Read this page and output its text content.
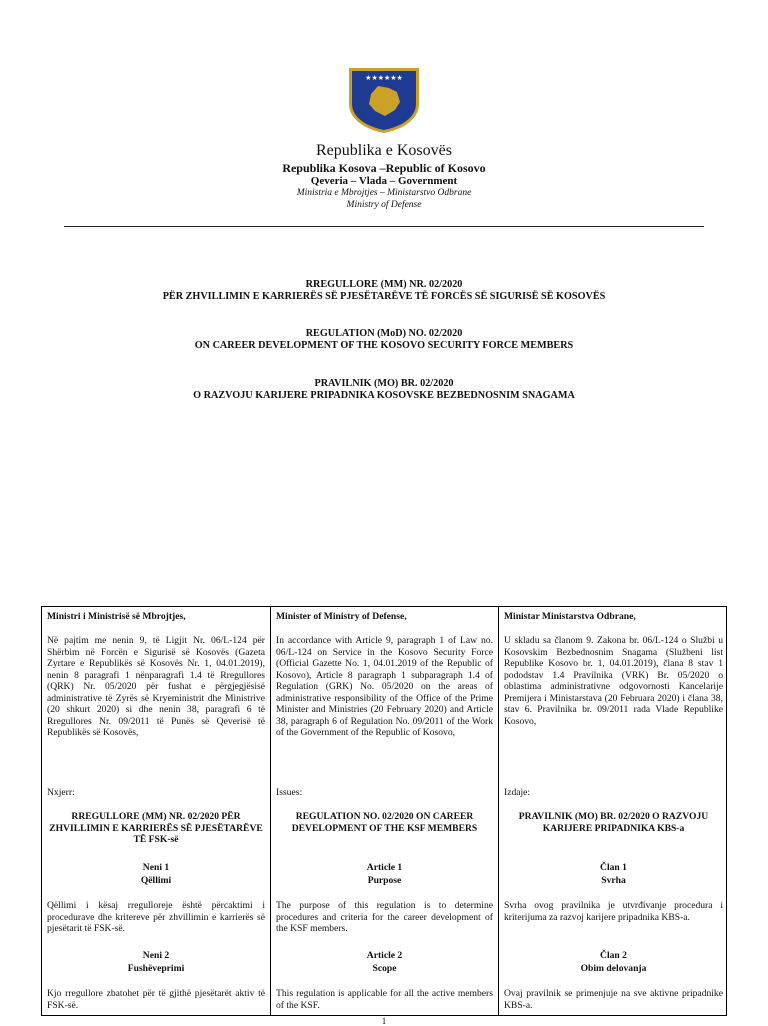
★★★★★★
Republika e Kosovës
Republika Kosova –Republic of Kosovo
Qeveria – Vlada – Government
Ministria e Mbrojtjes – Ministarstvo Odbrane
Ministry of Defense
RREGULLORE (MM) NR. 02/2020
PËR ZHVILLIMIN E KARRIERËS SË PJESËTARËVE TË FORCËS SË SIGURISË SË KOSOVËS
REGULATION (MoD) NO. 02/2020
ON CAREER DEVELOPMENT OF THE KOSOVO SECURITY FORCE MEMBERS
PRAVILNIK (MO) BR. 02/2020
O RAZVOJU KARIJERE PRIPADNIKA KOSOVSKE BEZBEDNOSNIM SNAGAMA
Ministri i Ministrisë së Mbrojtjes,
Në pajtim me nenin 9, të Ligjit Nr. 06/L-124 për Shërbim në Forcën e Sigurisë së Kosovës (Gazeta Zyrtare e Republikës së Kosovës Nr. 1, 04.01.2019), nenin 8 paragrafi 1 nënparagrafi 1.4 të Rregullores (QRK) Nr. 05/2020 për fushat e përgjegjësisë administrative të Zyrës së Kryeministrit dhe Ministrive (20 shkurt 2020) si dhe nenin 38, paragrafi 6 të Rregullores Nr. 09/2011 të Punës së Qeverisë të Republikës së Kosovës,
Nxjerr:
RREGULLORE (MM) NR. 02/2020 PËR ZHVILLIMIN E KARRIERËS SË PJESËTARËVE TË FSK-së
Neni 1
Qëllimi
Qëllimi i kësaj rregulloreje është përcaktimi i procedurave dhe kritereve për zhvillimin e karrierës së pjesëtarit të FSK-së.
Neni 2
Fushëveprimi
Kjo rregullore zbatohet për të gjithë pjesëtarët aktiv të FSK-së.
Minister of Ministry of Defense,
In accordance with Article 9, paragraph 1 of Law no. 06/L-124 on Service in the Kosovo Security Force (Official Gazette No. 1, 04.01.2019 of the Republic of Kosovo), Article 8 paragraph 1 subparagraph 1.4 of Regulation (GRK) No. 05/2020 on the areas of administrative responsibility of the Office of the Prime Minister and Ministries (20 February 2020) and Article 38, paragraph 6 of Regulation No. 09/2011 of the Work of the Government of the Republic of Kosovo,
Issues:
REGULATION NO. 02/2020 ON CAREER DEVELOPMENT OF THE KSF MEMBERS
Article 1
Purpose
The purpose of this regulation is to determine procedures and criteria for the career development of the KSF members.
Article 2
Scope
This regulation is applicable for all the active members of the KSF.
Ministar Ministarstva Odbrane,
U skladu sa članom 9. Zakona br. 06/L-124 o Službi u Kosovskim Bezbednosnim Snagama (Službeni list Republike Kosovo br. 1, 04.01.2019), člana 8 stav 1 pododstav 1.4 Pravilnika (VRK) Br. 05/2020 o oblastima administrativne odgovornosti Kancelarije Premijera i Ministarstava (20 Februara 2020) i člana 38, stav 6. Pravilnika br. 09/2011 rada Vlade Republike Kosovo,
Izdaje:
PRAVILNIK (MO) BR. 02/2020 O RAZVOJU KARIJERE PRIPADNIKA KBS-a
Član 1
Svrha
Svrha ovog pravilnika je utvrđivanje procedura i kriterijuma za razvoj karijere pripadnika KBS-a.
Član 2
Obim delovanja
Ovaj pravilnik se primenjuje na sve aktivne pripadnike KBS-a.
1
